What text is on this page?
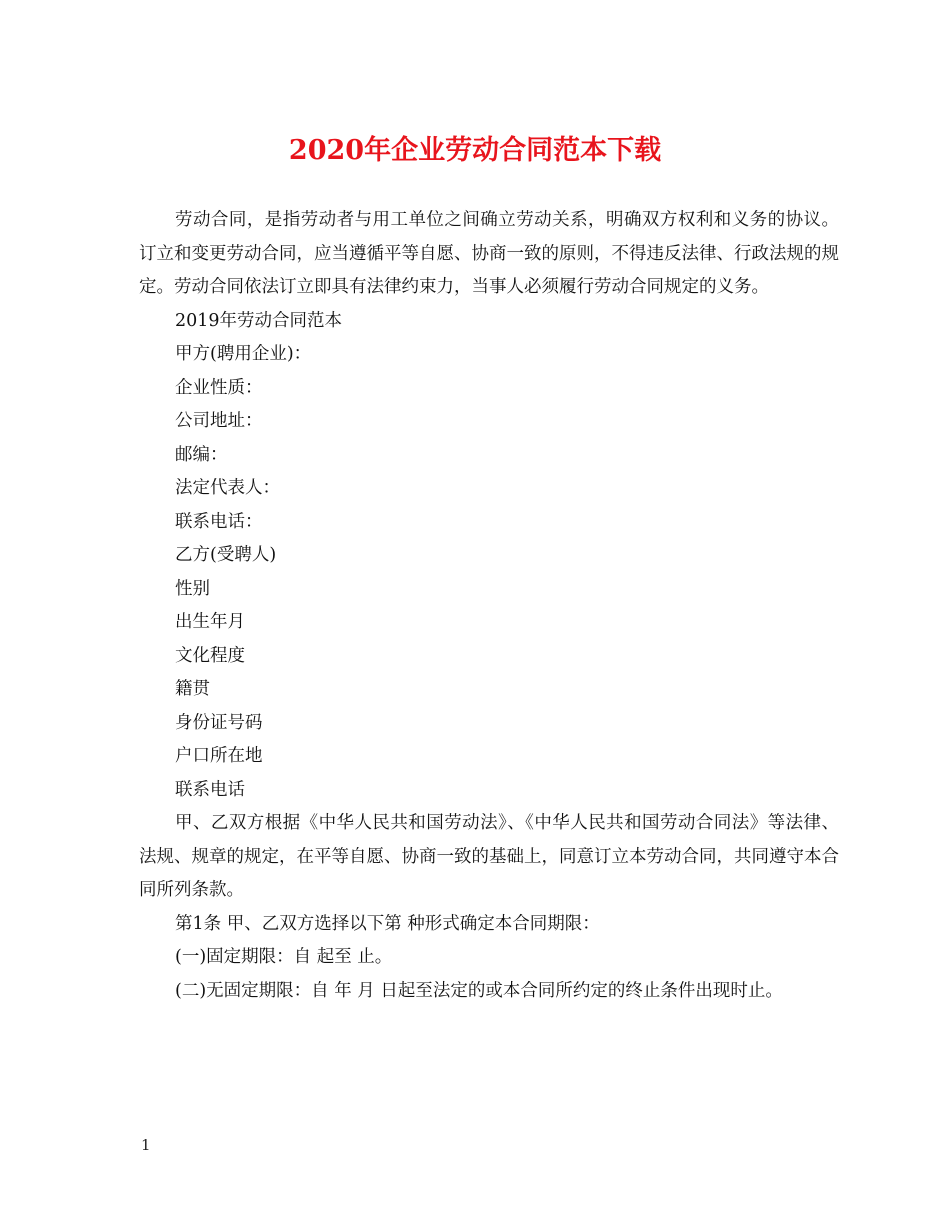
2020年企业劳动合同范本下载

劳动合同，是指劳动者与用工单位之间确立劳动关系，明确双方权利和义务的协议。订立和变更劳动合同，应当遵循平等自愿、协商一致的原则，不得违反法律、行政法规的规定。劳动合同依法订立即具有法律约束力，当事人必须履行劳动合同规定的义务。

2019年劳动合同范本

甲方(聘用企业)：

企业性质：

公司地址：

邮编：

法定代表人：

联系电话：

乙方(受聘人)

性别

出生年月

文化程度

籍贯

身份证号码

户口所在地

联系电话

甲、乙双方根据《中华人民共和国劳动法》、《中华人民共和国劳动合同法》等法律、法规、规章的规定，在平等自愿、协商一致的基础上，同意订立本劳动合同，共同遵守本合同所列条款。

第1条 甲、乙双方选择以下第 种形式确定本合同期限：

(一)固定期限：自 起至 止。

(二)无固定期限：自 年 月 日起至法定的或本合同所约定的终止条件出现时止。

1
